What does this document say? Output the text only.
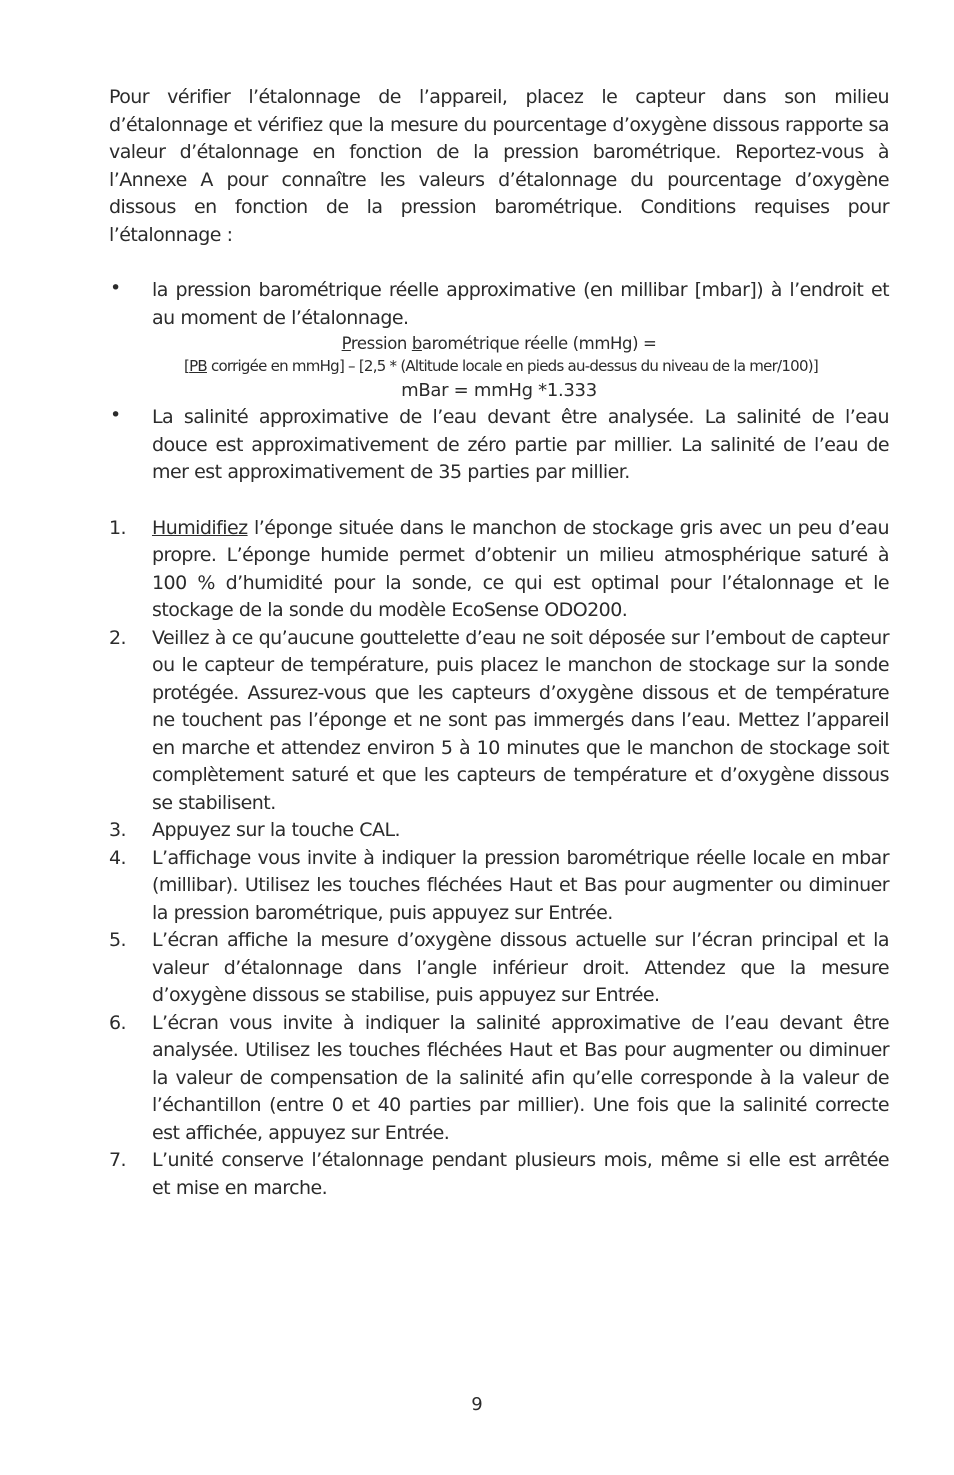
Pour vérifier l’étalonnage de l’appareil, placez le capteur dans son milieu d’étalonnage et vérifiez que la mesure du pourcentage d’oxygène dissous rapporte sa valeur d’étalonnage en fonction de la pression barométrique. Reportez-vous à l’Annexe A pour connaître les valeurs d’étalonnage du pourcentage d’oxygène dissous en fonction de la pression barométrique. Conditions requises pour l’étalonnage :

•	la pression barométrique réelle approximative (en millibar [mbar]) à l’endroit et au moment de l’étalonnage.

Pression barométrique réelle (mmHg) =

[PB corrigée en mmHg] – [2,5 * (Altitude locale en pieds au-dessus du niveau de la mer/100)]

mBar = mmHg *1.333

•	La salinité approximative de l’eau devant être analysée. La salinité de l’eau douce est approximativement de zéro partie par millier. La salinité de l’eau de mer est approximativement de 35 parties par millier.

1.	Humidifiez l’éponge située dans le manchon de stockage gris avec un peu d’eau propre. L’éponge humide permet d’obtenir un milieu atmosphérique saturé à 100 % d’humidité pour la sonde, ce qui est optimal pour l’étalonnage et le stockage de la sonde du modèle EcoSense ODO200.

2.	Veillez à ce qu’aucune gouttelette d’eau ne soit déposée sur l’embout de capteur ou le capteur de température, puis placez le manchon de stockage sur la sonde protégée. Assurez-vous que les capteurs d’oxygène dissous et de température ne touchent pas l’éponge et ne sont pas immergés dans l’eau. Mettez l’appareil en marche et attendez environ 5 à 10 minutes que le manchon de stockage soit complètement saturé et que les capteurs de température et d’oxygène dissous se stabilisent.

3.	Appuyez sur la touche CAL.

4.	L’affichage vous invite à indiquer la pression barométrique réelle locale en mbar (millibar). Utilisez les touches fléchées Haut et Bas pour augmenter ou diminuer la pression barométrique, puis appuyez sur Entrée.

5.	L’écran affiche la mesure d’oxygène dissous actuelle sur l’écran principal et la valeur d’étalonnage dans l’angle inférieur droit. Attendez que la mesure d’oxygène dissous se stabilise, puis appuyez sur Entrée.

6.	L’écran vous invite à indiquer la salinité approximative de l’eau devant être analysée. Utilisez les touches fléchées Haut et Bas pour augmenter ou diminuer la valeur de compensation de la salinité afin qu’elle corresponde à la valeur de l’échantillon (entre 0 et 40 parties par millier). Une fois que la salinité correcte est affichée, appuyez sur Entrée.

7.	L’unité conserve l’étalonnage pendant plusieurs mois, même si elle est arrêtée et mise en marche.

9
